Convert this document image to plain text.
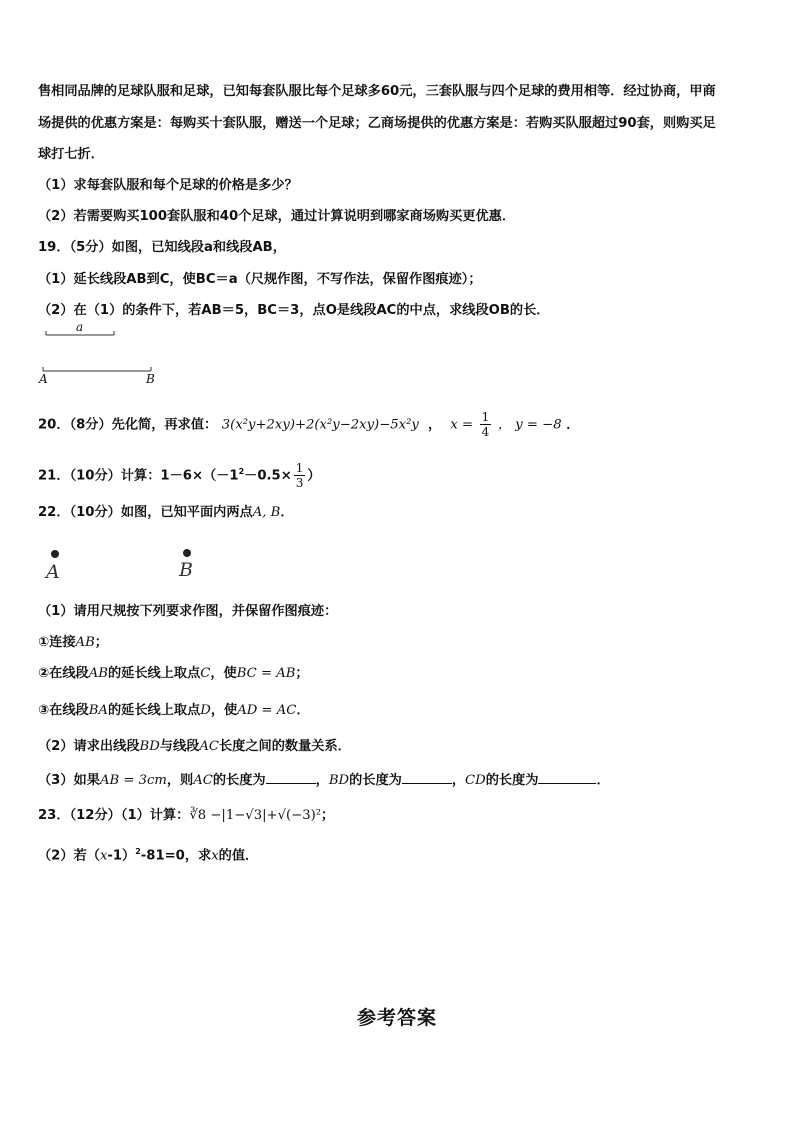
售相同品牌的足球队服和足球，已知每套队服比每个足球多60元，三套队服与四个足球的费用相等．经过协商，甲商
场提供的优惠方案是：每购买十套队服，赠送一个足球；乙商场提供的优惠方案是：若购买队服超过90套，则购买足
球打七折．
（1）求每套队服和每个足球的价格是多少？
（2）若需要购买100套队服和40个足球，通过计算说明到哪家商场购买更优惠．
19．（5分）如图，已知线段a和线段AB，
（1）延长线段AB到C，使BC＝a（尺规作图，不写作法，保留作图痕迹）；
（2）在（1）的条件下，若AB＝5，BC＝3，点O是线段AC的中点，求线段OB的长．
a
A	B
20．（8分）先化简，再求值： 3(x²y+2xy)+2(x²y−2xy)−5x²y  ，  $x = \frac{1}{4}$ ， y = −8 ．
21．（10分）计算：$1-6\times(-1^2-0.5\times \frac{1}{3}$ ）
22．（10分）如图，已知平面内两点A, B．
A	B
（1）请用尺规按下列要求作图，并保留作图痕迹：
①连接AB；
②在线段AB的延长线上取点C，使BC = AB；
③在线段BA的延长线上取点D，使AD = AC．
（2）请求出线段BD与线段AC长度之间的数量关系．
（3）如果AB = 3cm，则AC的长度为	，BD的长度为	，CD的长度为	．
23．（12分）（1）计算：∛8 −|1−√3|+√(−3)²；
（2）若$(x-1)^2-81=0$，求x的值．
参考答案
